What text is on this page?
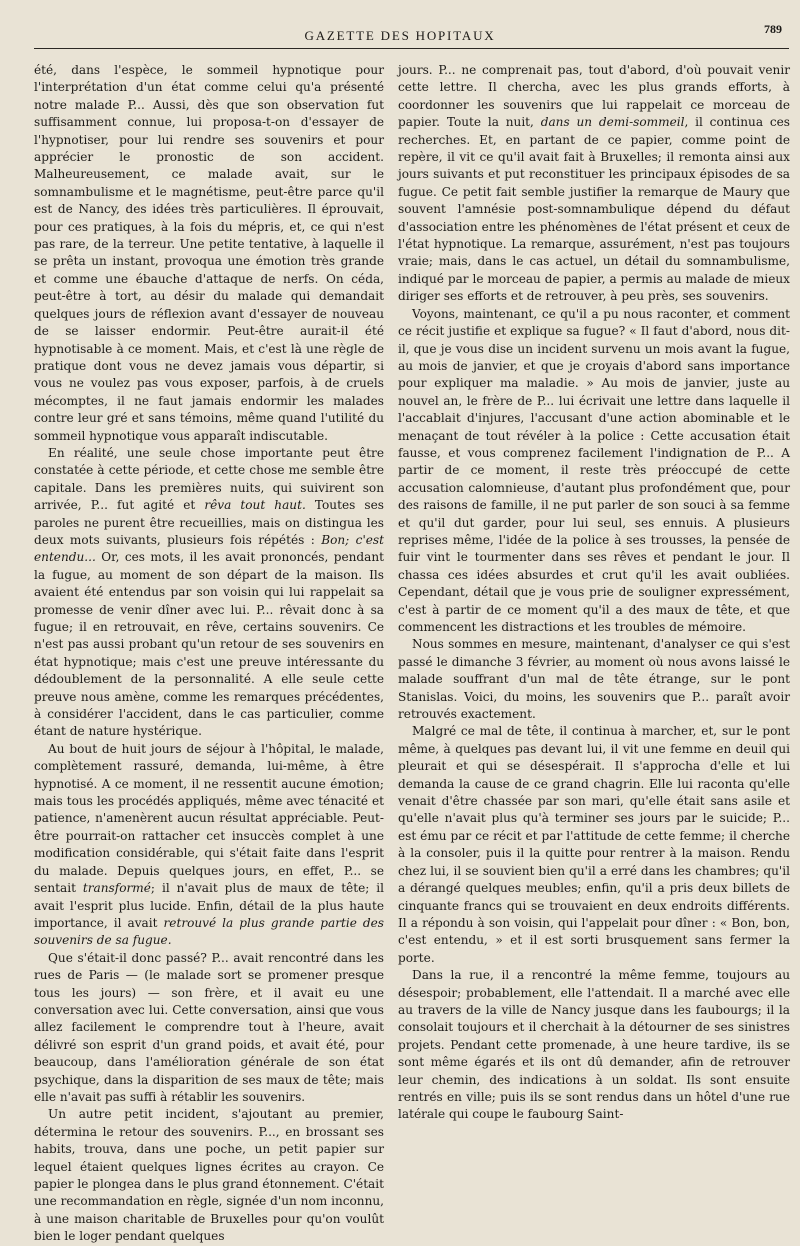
GAZETTE DES HOPITAUX	789

été, dans l'espèce, le sommeil hypnotique pour l'interprétation d'un état comme celui qu'a présenté notre malade P... Aussi, dès que son observation fut suffisamment connue, lui proposa-t-on d'essayer de l'hypnotiser, pour lui rendre ses souvenirs et pour apprécier le pronostic de son accident. Malheureusement, ce malade avait, sur le somnambulisme et le magnétisme, peut-être parce qu'il est de Nancy, des idées très particulières. Il éprouvait, pour ces pratiques, à la fois du mépris, et, ce qui n'est pas rare, de la terreur. Une petite tentative, à laquelle il se prêta un instant, provoqua une émotion très grande et comme une ébauche d'attaque de nerfs. On céda, peut-être à tort, au désir du malade qui demandait quelques jours de réflexion avant d'essayer de nouveau de se laisser endormir. Peut-être aurait-il été hypnotisable à ce moment. Mais, et c'est là une règle de pratique dont vous ne devez jamais vous départir, si vous ne voulez pas vous exposer, parfois, à de cruels mécomptes, il ne faut jamais endormir les malades contre leur gré et sans témoins, même quand l'utilité du sommeil hypnotique vous apparaît indiscutable.

En réalité, une seule chose importante peut être constatée à cette période, et cette chose me semble être capitale. Dans les premières nuits, qui suivirent son arrivée, P... fut agité et rêva tout haut. Toutes ses paroles ne purent être recueillies, mais on distingua les deux mots suivants, plusieurs fois répétés : Bon; c'est entendu... Or, ces mots, il les avait prononcés, pendant la fugue, au moment de son départ de la maison. Ils avaient été entendus par son voisin qui lui rappelait sa promesse de venir dîner avec lui. P... rêvait donc à sa fugue; il en retrouvait, en rêve, certains souvenirs. Ce n'est pas aussi probant qu'un retour de ses souvenirs en état hypnotique; mais c'est une preuve intéressante du dédoublement de la personnalité. A elle seule cette preuve nous amène, comme les remarques précédentes, à considérer l'accident, dans le cas particulier, comme étant de nature hystérique.

Au bout de huit jours de séjour à l'hôpital, le malade, complètement rassuré, demanda, lui-même, à être hypnotisé. A ce moment, il ne ressentit aucune émotion; mais tous les procédés appliqués, même avec ténacité et patience, n'amenèrent aucun résultat appréciable. Peut-être pourrait-on rattacher cet insuccès complet à une modification considérable, qui s'était faite dans l'esprit du malade. Depuis quelques jours, en effet, P... se sentait transformé; il n'avait plus de maux de tête; il avait l'esprit plus lucide. Enfin, détail de la plus haute importance, il avait retrouvé la plus grande partie des souvenirs de sa fugue.

Que s'était-il donc passé? P... avait rencontré dans les rues de Paris — (le malade sort se promener presque tous les jours) — son frère, et il avait eu une conversation avec lui. Cette conversation, ainsi que vous allez facilement le comprendre tout à l'heure, avait délivré son esprit d'un grand poids, et avait été, pour beaucoup, dans l'amélioration générale de son état psychique, dans la disparition de ses maux de tête; mais elle n'avait pas suffi à rétablir les souvenirs.

Un autre petit incident, s'ajoutant au premier, détermina le retour des souvenirs. P..., en brossant ses habits, trouva, dans une poche, un petit papier sur lequel étaient quelques lignes écrites au crayon. Ce papier le plongea dans le plus grand étonnement. C'était une recommandation en règle, signée d'un nom inconnu, à une maison charitable de Bruxelles pour qu'on voulût bien le loger pendant quelques

jours. P... ne comprenait pas, tout d'abord, d'où pouvait venir cette lettre. Il chercha, avec les plus grands efforts, à coordonner les souvenirs que lui rappelait ce morceau de papier. Toute la nuit, dans un demi-sommeil, il continua ces recherches. Et, en partant de ce papier, comme point de repère, il vit ce qu'il avait fait à Bruxelles; il remonta ainsi aux jours suivants et put reconstituer les principaux épisodes de sa fugue. Ce petit fait semble justifier la remarque de Maury que souvent l'amnésie post-somnambulique dépend du défaut d'association entre les phénomènes de l'état présent et ceux de l'état hypnotique. La remarque, assurément, n'est pas toujours vraie; mais, dans le cas actuel, un détail du somnambulisme, indiqué par le morceau de papier, a permis au malade de mieux diriger ses efforts et de retrouver, à peu près, ses souvenirs.

Voyons, maintenant, ce qu'il a pu nous raconter, et comment ce récit justifie et explique sa fugue? « Il faut d'abord, nous dit-il, que je vous dise un incident survenu un mois avant la fugue, au mois de janvier, et que je croyais d'abord sans importance pour expliquer ma maladie. » Au mois de janvier, juste au nouvel an, le frère de P... lui écrivait une lettre dans laquelle il l'accablait d'injures, l'accusant d'une action abominable et le menaçant de tout révéler à la police : Cette accusation était fausse, et vous comprenez facilement l'indignation de P... A partir de ce moment, il reste très préoccupé de cette accusation calomnieuse, d'autant plus profondément que, pour des raisons de famille, il ne put parler de son souci à sa femme et qu'il dut garder, pour lui seul, ses ennuis. A plusieurs reprises même, l'idée de la police à ses trousses, la pensée de fuir vint le tourmenter dans ses rêves et pendant le jour. Il chassa ces idées absurdes et crut qu'il les avait oubliées. Cependant, détail que je vous prie de souligner expressément, c'est à partir de ce moment qu'il a des maux de tête, et que commencent les distractions et les troubles de mémoire.

Nous sommes en mesure, maintenant, d'analyser ce qui s'est passé le dimanche 3 février, au moment où nous avons laissé le malade souffrant d'un mal de tête étrange, sur le pont Stanislas. Voici, du moins, les souvenirs que P... paraît avoir retrouvés exactement.

Malgré ce mal de tête, il continua à marcher, et, sur le pont même, à quelques pas devant lui, il vit une femme en deuil qui pleurait et qui se désespérait. Il s'approcha d'elle et lui demanda la cause de ce grand chagrin. Elle lui raconta qu'elle venait d'être chassée par son mari, qu'elle était sans asile et qu'elle n'avait plus qu'à terminer ses jours par le suicide; P... est ému par ce récit et par l'attitude de cette femme; il cherche à la consoler, puis il la quitte pour rentrer à la maison. Rendu chez lui, il se souvient bien qu'il a erré dans les chambres; qu'il a dérangé quelques meubles; enfin, qu'il a pris deux billets de cinquante francs qui se trouvaient en deux endroits différents. Il a répondu à son voisin, qui l'appelait pour dîner : « Bon, bon, c'est entendu, » et il est sorti brusquement sans fermer la porte.

Dans la rue, il a rencontré la même femme, toujours au désespoir; probablement, elle l'attendait. Il a marché avec elle au travers de la ville de Nancy jusque dans les faubourgs; il la consolait toujours et il cherchait à la détourner de ses sinistres projets. Pendant cette promenade, à une heure tardive, ils se sont même égarés et ils ont dû demander, afin de retrouver leur chemin, des indications à un soldat. Ils sont ensuite rentrés en ville; puis ils se sont rendus dans un hôtel d'une rue latérale qui coupe le faubourg Saint-
